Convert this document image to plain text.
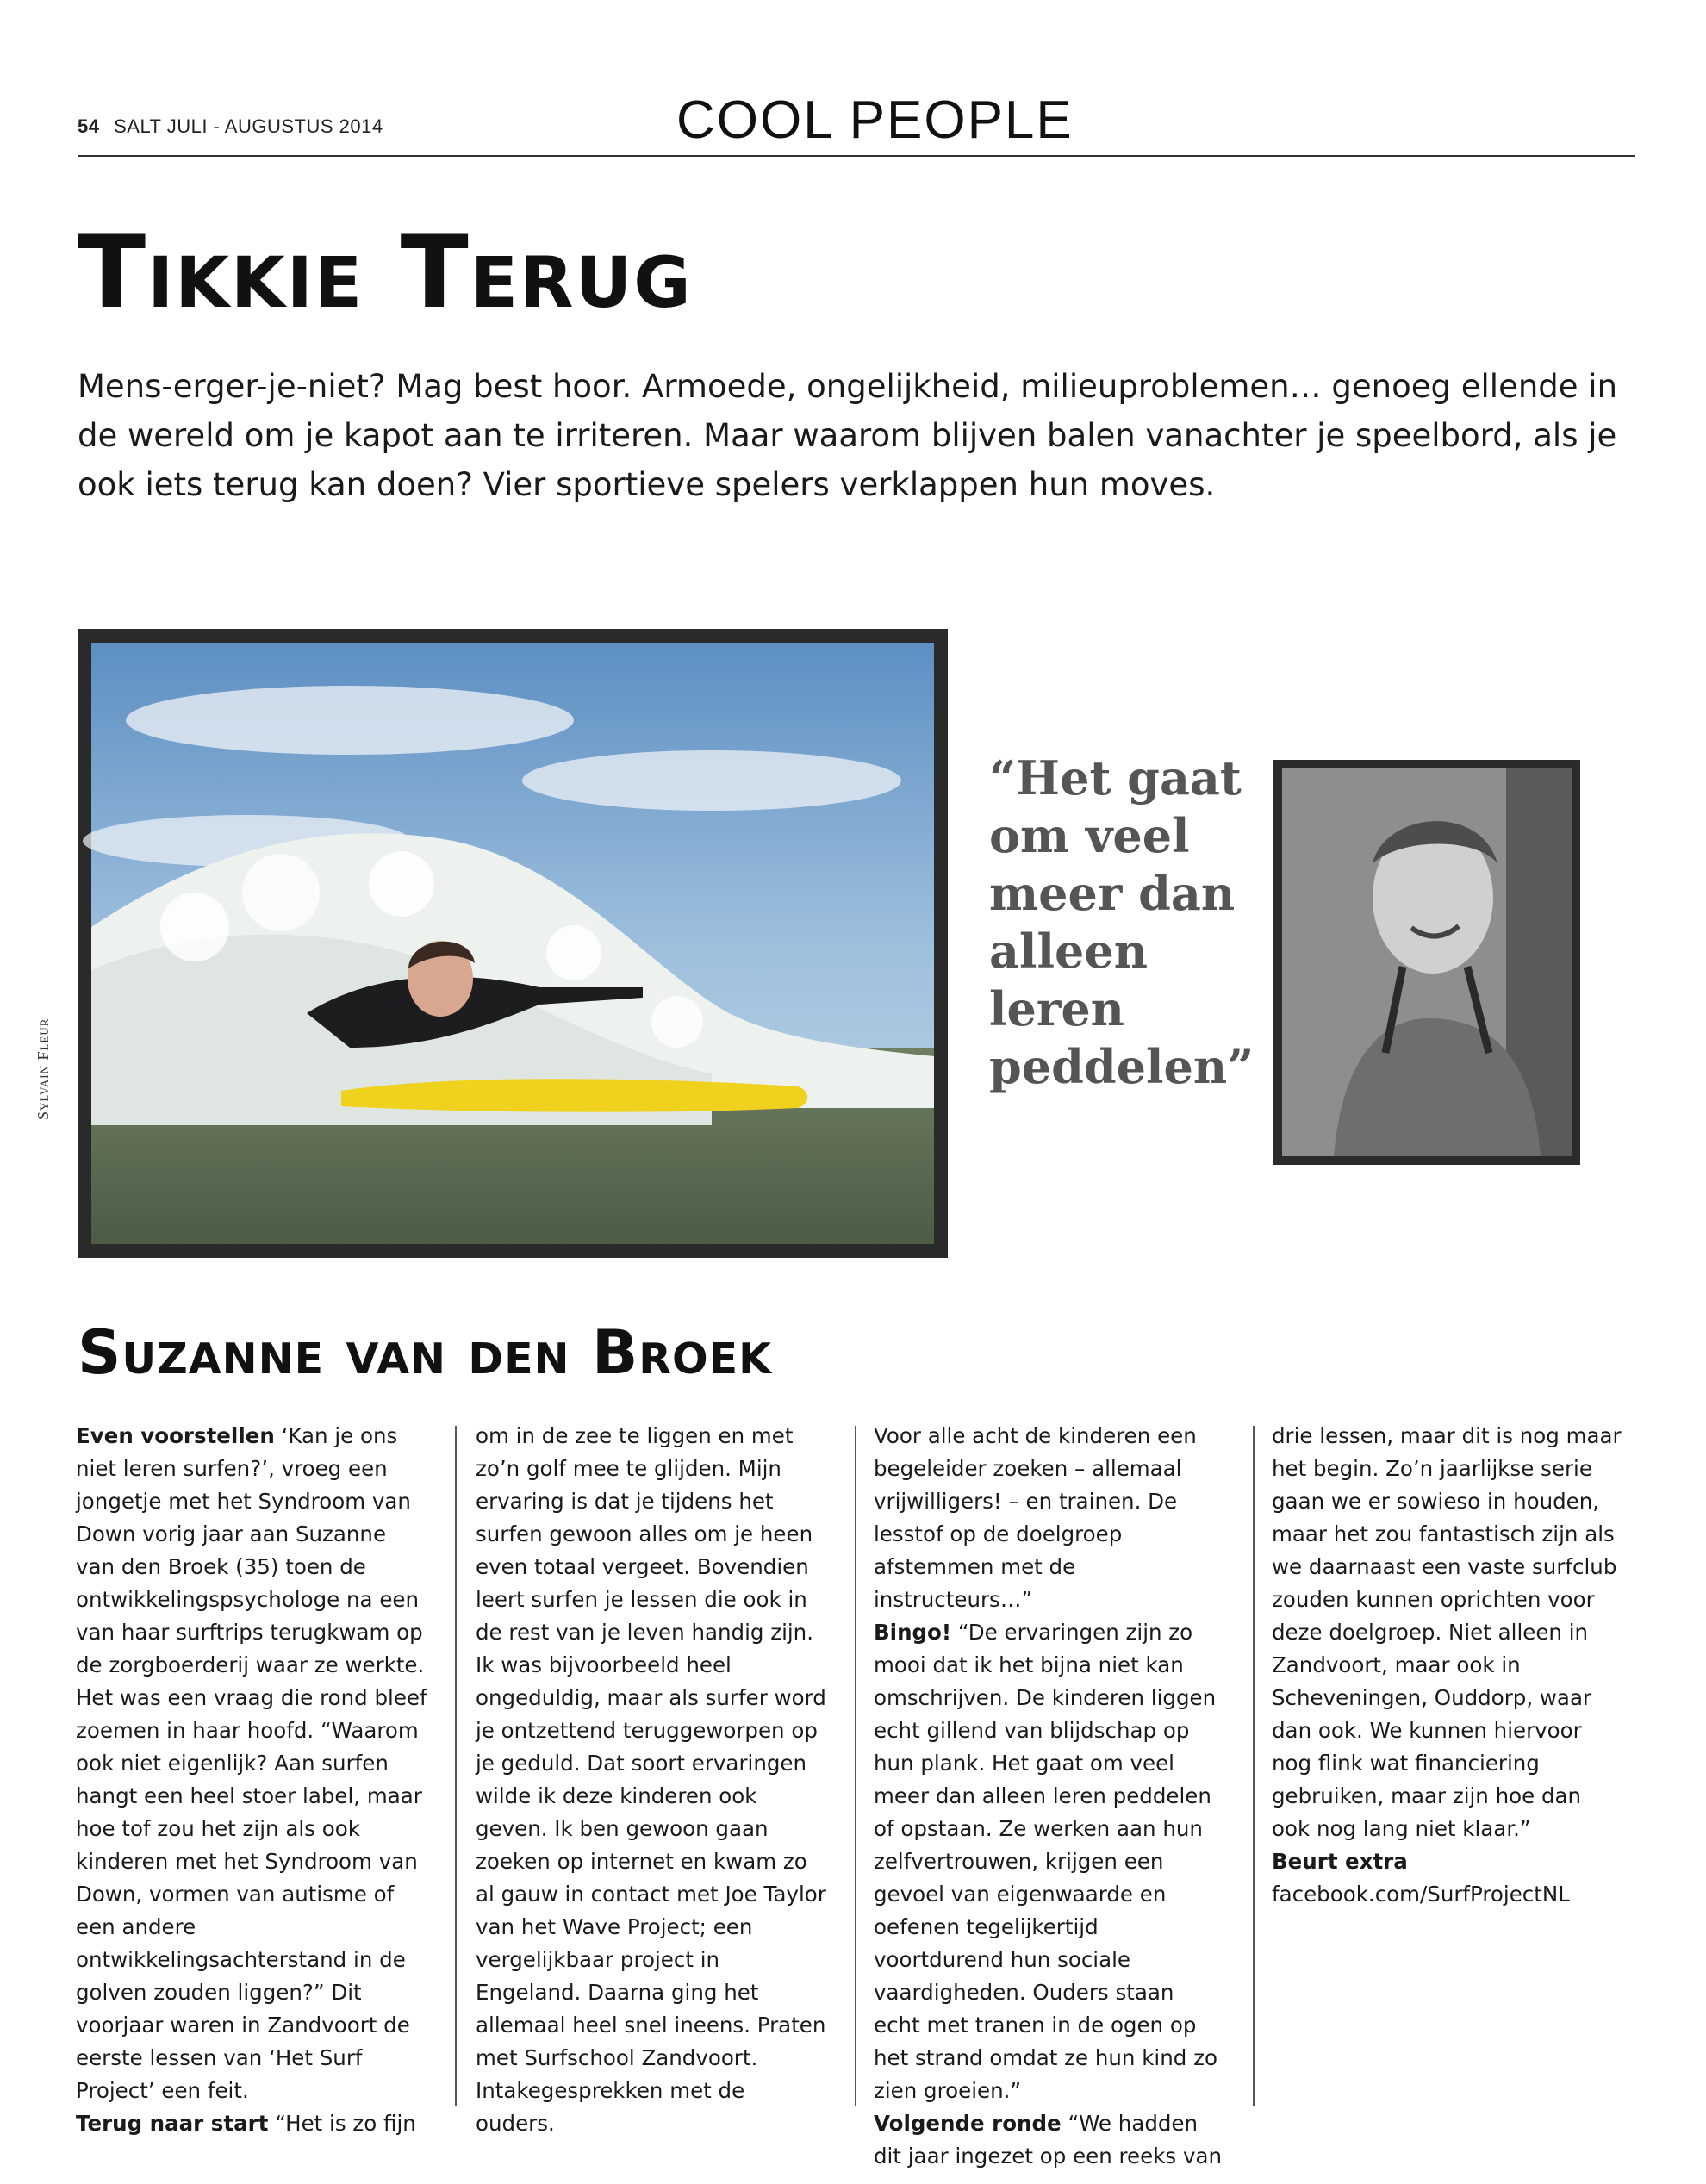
54 SALT JULI - AUGUSTUS 2014	COOL PEOPLE
Tikkie Terug

Mens-erger-je-niet? Mag best hoor. Armoede, ongelijkheid, milieuproblemen… genoeg ellende in de wereld om je kapot aan te irriteren. Maar waarom blijven balen vanachter je speelbord, als je ook iets terug kan doen? Vier sportieve spelers verklappen hun moves.

Sylvain Fleur

“Het gaat om veel meer dan alleen leren peddelen”

Suzanne van den Broek

Even voorstellen ‘Kan je ons niet leren surfen?’, vroeg een jongetje met het Syndroom van Down vorig jaar aan Suzanne van den Broek (35) toen de ontwikkelingspsychologe na een van haar surftrips terugkwam op de zorgboerderij waar ze werkte. Het was een vraag die rond bleef zoemen in haar hoofd. “Waarom ook niet eigenlijk? Aan surfen hangt een heel stoer label, maar hoe tof zou het zijn als ook kinderen met het Syndroom van Down, vormen van autisme of een andere ontwikkelingsachterstand in de golven zouden liggen?” Dit voorjaar waren in Zandvoort de eerste lessen van ‘Het Surf Project’ een feit.

Terug naar start “Het is zo fijn

om in de zee te liggen en met zo’n golf mee te glijden. Mijn ervaring is dat je tijdens het surfen gewoon alles om je heen even totaal vergeet. Bovendien leert surfen je lessen die ook in de rest van je leven handig zijn. Ik was bijvoorbeeld heel ongeduldig, maar als surfer word je ontzettend teruggeworpen op je geduld. Dat soort ervaringen wilde ik deze kinderen ook geven. Ik ben gewoon gaan zoeken op internet en kwam zo al gauw in contact met Joe Taylor van het Wave Project; een vergelijkbaar project in Engeland. Daarna ging het allemaal heel snel ineens. Praten met Surfschool Zandvoort. Intakegesprekken met de ouders.

Voor alle acht de kinderen een begeleider zoeken – allemaal vrijwilligers! – en trainen. De lesstof op de doelgroep afstemmen met de instructeurs…”

Bingo! “De ervaringen zijn zo mooi dat ik het bijna niet kan omschrijven. De kinderen liggen echt gillend van blijdschap op hun plank. Het gaat om veel meer dan alleen leren peddelen of opstaan. Ze werken aan hun zelfvertrouwen, krijgen een gevoel van eigenwaarde en oefenen tegelijkertijd voortdurend hun sociale vaardigheden. Ouders staan echt met tranen in de ogen op het strand omdat ze hun kind zo zien groeien.”

Volgende ronde “We hadden dit jaar ingezet op een reeks van

drie lessen, maar dit is nog maar het begin. Zo’n jaarlijkse serie gaan we er sowieso in houden, maar het zou fantastisch zijn als we daarnaast een vaste surfclub zouden kunnen oprichten voor deze doelgroep. Niet alleen in Zandvoort, maar ook in Scheveningen, Ouddorp, waar dan ook. We kunnen hiervoor nog flink wat financiering gebruiken, maar zijn hoe dan ook nog lang niet klaar.”

Beurt extra facebook.com/SurfProjectNL
